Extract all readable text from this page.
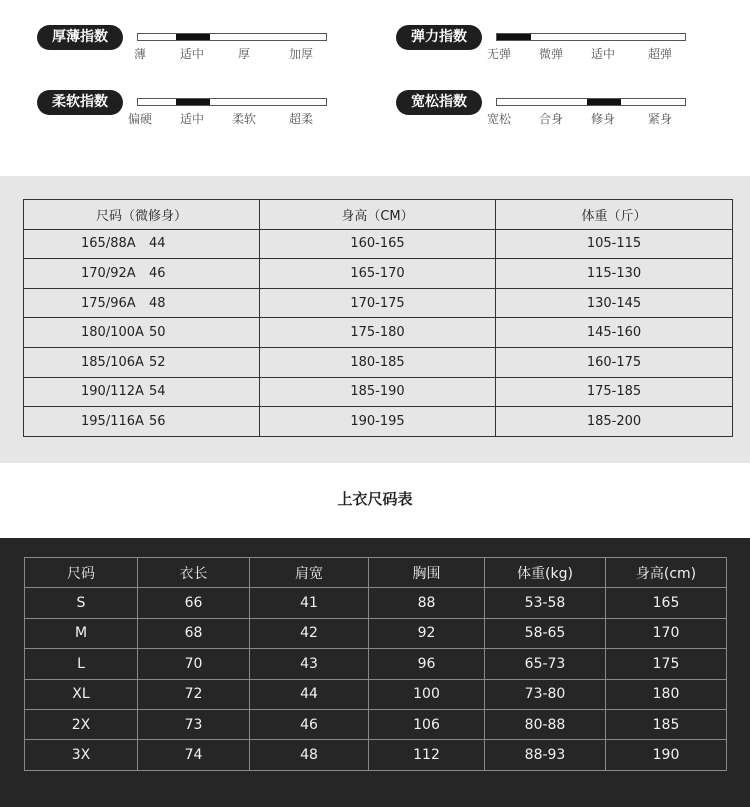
厚薄指数
薄	适中	厚	加厚
弹力指数
无弹 微弹 适中	超弹
柔软指数
偏硬 适中 柔软	超柔
宽松指数
宽松 合身 修身	紧身
尺码（微修身）	身高（CM）	体重（斤）
165/88A 44	160-165	105-115
170/92A 46	165-170	115-130
175/96A 48	170-175	130-145
180/100A 50	175-180	145-160
185/106A 52	180-185	160-175
190/112A 54	185-190	175-185
195/116A 56	190-195	185-200
上衣尺码表
尺码	衣长	肩宽	胸围	体重(kg)	身高(cm)
S	66	41	88	53-58	165
M	68	42	92	58-65	170
L	70	43	96	65-73	175
XL	72	44	100	73-80	180
2X	73	46	106	80-88	185
3X	74	48	112	88-93	190
